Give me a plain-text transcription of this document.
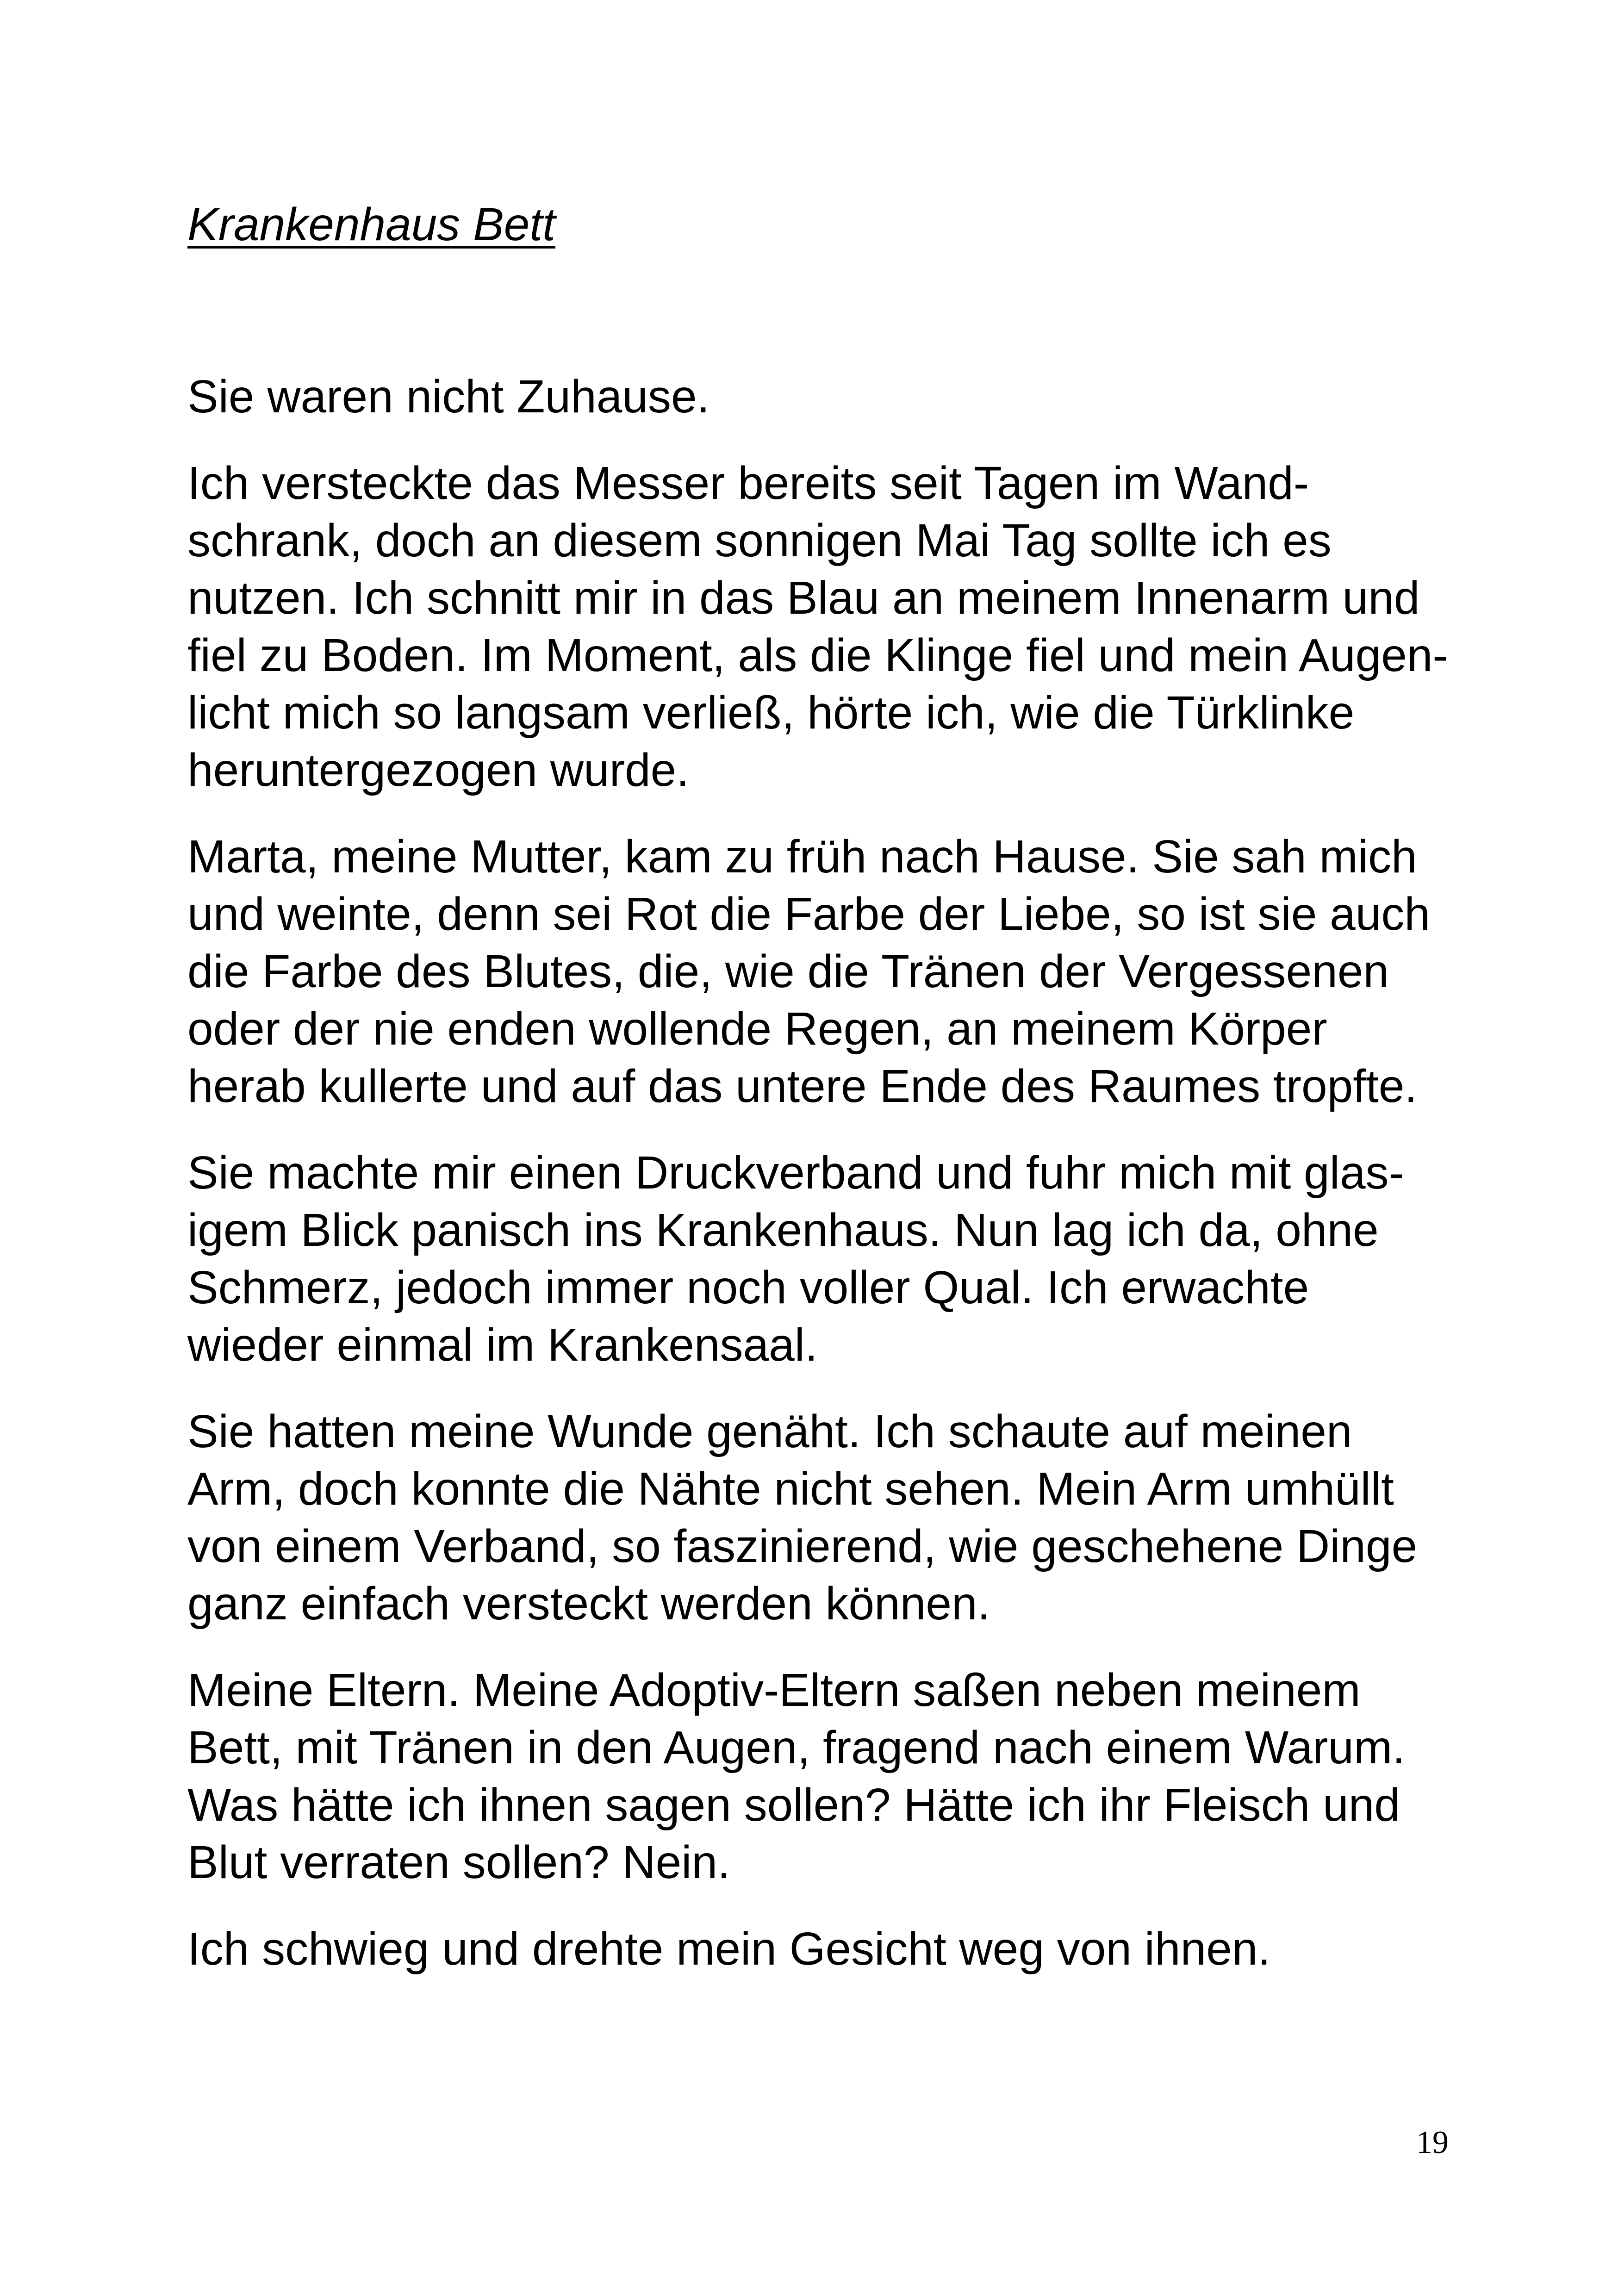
Krankenhaus Bett

Sie waren nicht Zuhause.

Ich versteckte das Messer bereits seit Tagen im Wand-
schrank, doch an diesem sonnigen Mai Tag sollte ich es
nutzen. Ich schnitt mir in das Blau an meinem Innenarm und
fiel zu Boden. Im Moment, als die Klinge fiel und mein Augen-
licht mich so langsam verließ, hörte ich, wie die Türklinke
heruntergezogen wurde.

Marta, meine Mutter, kam zu früh nach Hause. Sie sah mich
und weinte, denn sei Rot die Farbe der Liebe, so ist sie auch
die Farbe des Blutes, die, wie die Tränen der Vergessenen
oder der nie enden wollende Regen, an meinem Körper
herab kullerte und auf das untere Ende des Raumes tropfte.

Sie machte mir einen Druckverband und fuhr mich mit glas-
igem Blick panisch ins Krankenhaus. Nun lag ich da, ohne
Schmerz, jedoch immer noch voller Qual. Ich erwachte
wieder einmal im Krankensaal.

Sie hatten meine Wunde genäht. Ich schaute auf meinen
Arm, doch konnte die Nähte nicht sehen. Mein Arm umhüllt
von einem Verband, so faszinierend, wie geschehene Dinge
ganz einfach versteckt werden können.

Meine Eltern. Meine Adoptiv-Eltern saßen neben meinem
Bett, mit Tränen in den Augen, fragend nach einem Warum.
Was hätte ich ihnen sagen sollen? Hätte ich ihr Fleisch und
Blut verraten sollen? Nein.

Ich schwieg und drehte mein Gesicht weg von ihnen.

19
